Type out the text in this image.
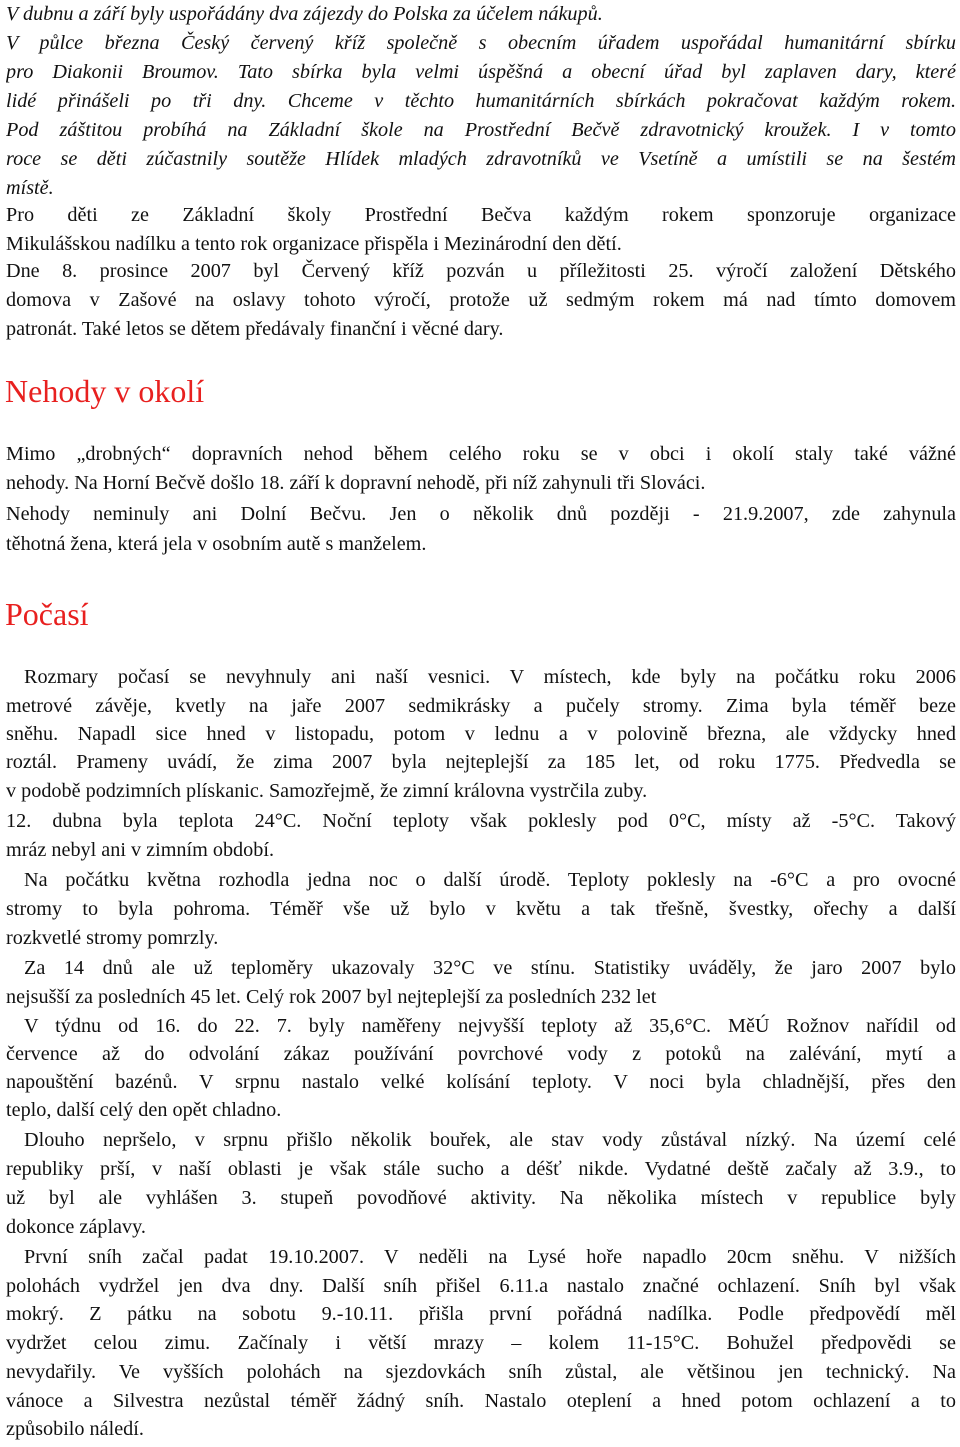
V dubnu a září byly uspořádány dva zájezdy do Polska za účelem nákupů.
V půlce března Český červený kříž společně s obecním úřadem uspořádal humanitární sbírku
pro Diakonii Broumov. Tato sbírka byla velmi úspěšná a obecní úřad byl zaplaven dary, které
lidé přinášeli po tři dny. Chceme v těchto humanitárních sbírkách pokračovat každým rokem.
Pod záštitou probíhá na Základní škole na Prostřední Bečvě zdravotnický kroužek. I v tomto
roce se děti zúčastnily soutěže Hlídek mladých zdravotníků ve Vsetíně a umístili se na šestém
místě.
Pro děti ze Základní školy Prostřední Bečva každým rokem sponzoruje organizace
Mikulášskou nadílku a tento rok organizace přispěla i Mezinárodní den dětí.
Dne 8. prosince 2007 byl Červený kříž pozván u příležitosti 25. výročí založení Dětského
domova v Zašové na oslavy tohoto výročí, protože už sedmým rokem má nad tímto domovem
patronát. Také letos se dětem předávaly finanční i věcné dary.
Nehody v okolí
Mimo „drobných“ dopravních nehod během celého roku se v obci i okolí staly také vážné
nehody. Na Horní Bečvě došlo 18. září k dopravní nehodě, při níž zahynuli tři Slováci.
Nehody neminuly ani Dolní Bečvu. Jen o několik dnů později - 21.9.2007, zde zahynula
těhotná žena, která jela v osobním autě s manželem.
Počasí
Rozmary počasí se nevyhnuly ani naší vesnici. V místech, kde byly na počátku roku 2006
metrové závěje, kvetly na jaře 2007 sedmikrásky a pučely stromy. Zima byla téměř beze
sněhu. Napadl sice hned v listopadu, potom v lednu a v polovině března, ale vždycky hned
roztál. Prameny uvádí, že zima 2007 byla nejteplejší za 185 let, od roku 1775. Předvedla se
v podobě podzimních plískanic. Samozřejmě, že zimní královna vystrčila zuby.
12. dubna byla teplota 24°C. Noční teploty však poklesly pod 0°C, místy až -5°C. Takový
mráz nebyl ani v zimním období.
Na počátku května rozhodla jedna noc o další úrodě. Teploty poklesly na -6°C a pro ovocné
stromy to byla pohroma. Téměř vše už bylo v květu a tak třešně, švestky, ořechy a další
rozkvetlé stromy pomrzly.
Za 14 dnů ale už teploměry ukazovaly 32°C ve stínu. Statistiky uváděly, že jaro 2007 bylo
nejsušší za posledních 45 let. Celý rok 2007 byl nejteplejší za posledních 232 let
V týdnu od 16. do 22. 7. byly naměřeny nejvyšší teploty až 35,6°C. MěÚ Rožnov nařídil od
července až do odvolání zákaz používání povrchové vody z potoků na zalévání, mytí a
napouštění bazénů. V srpnu nastalo velké kolísání teploty. V noci byla chladnější, přes den
teplo, další celý den opět chladno.
Dlouho nepršelo, v srpnu přišlo několik bouřek, ale stav vody zůstával nízký. Na území celé
republiky prší, v naší oblasti je však stále sucho a déšť nikde. Vydatné deště začaly až 3.9., to
už byl ale vyhlášen 3. stupeň povodňové aktivity. Na několika místech v republice byly
dokonce záplavy.
První sníh začal padat 19.10.2007. V neděli na Lysé hoře napadlo 20cm sněhu. V nižších
polohách vydržel jen dva dny. Další sníh přišel 6.11.a nastalo značné ochlazení. Sníh byl však
mokrý. Z pátku na sobotu 9.-10.11. přišla první pořádná nadílka. Podle předpovědí měl
vydržet celou zimu. Začínaly i větší mrazy – kolem 11-15°C. Bohužel předpovědi se
nevydařily. Ve vyšších polohách na sjezdovkách sníh zůstal, ale většinou jen technický. Na
vánoce a Silvestra nezůstal téměř žádný sníh. Nastalo oteplení a hned potom ochlazení a to
způsobilo náledí.
